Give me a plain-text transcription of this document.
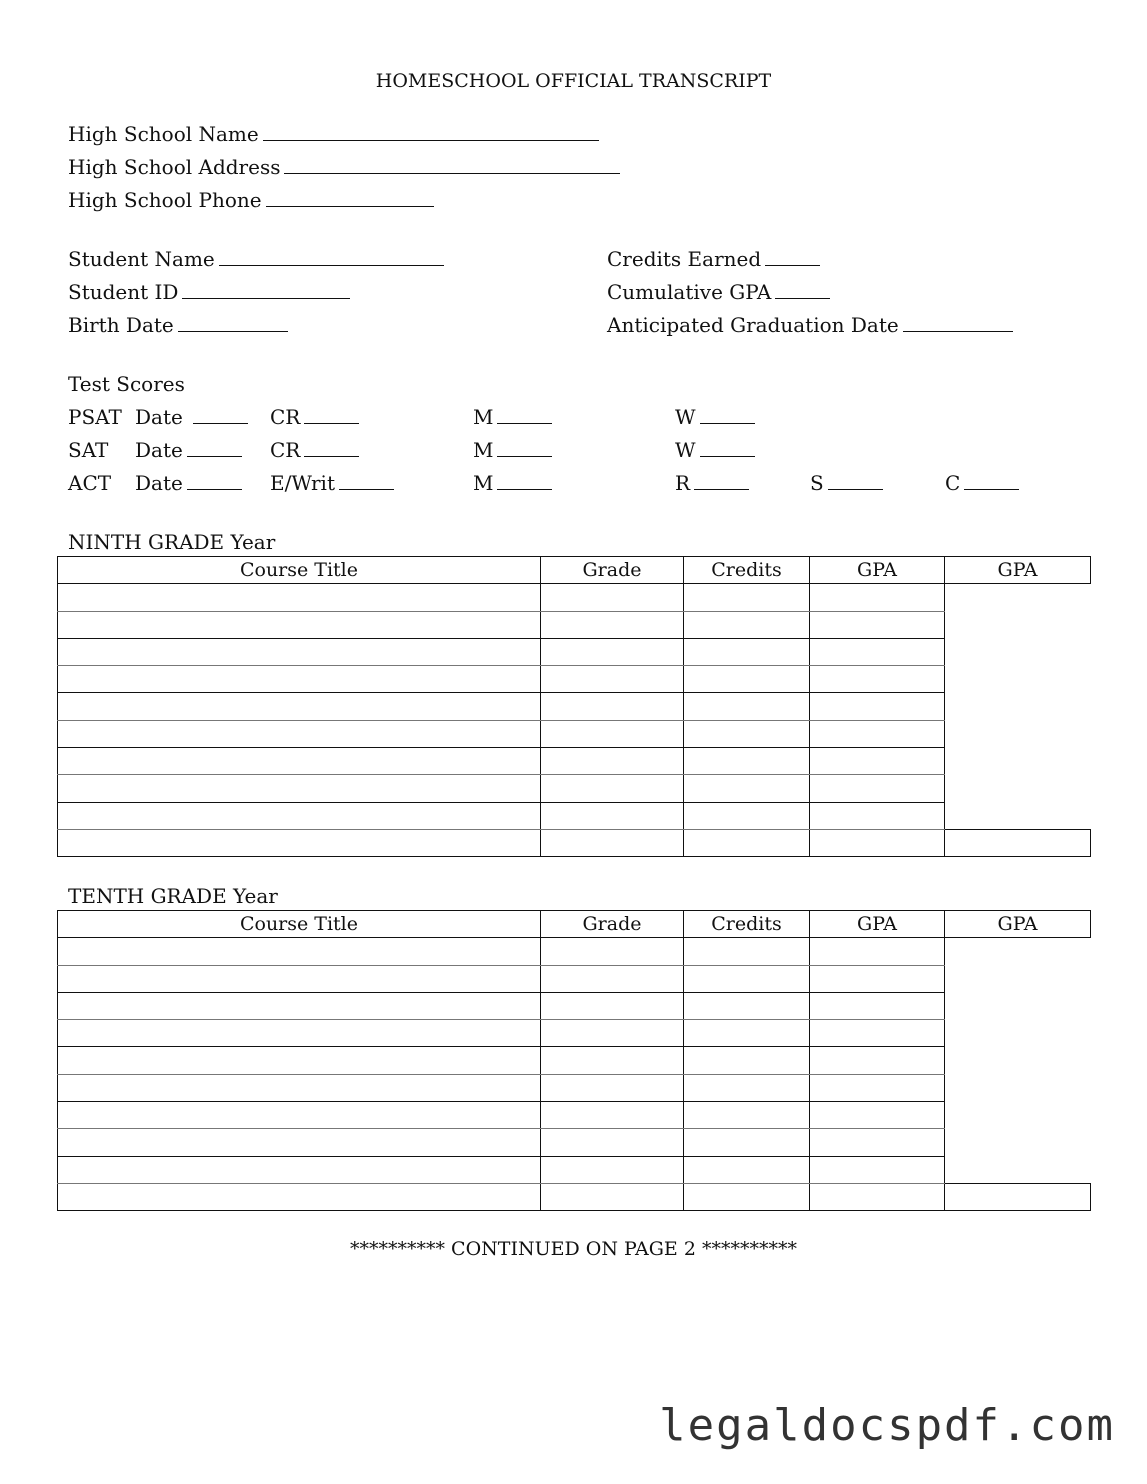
HOMESCHOOL OFFICIAL TRANSCRIPT
High School Name
High School Address
High School Phone
Student Name
Student ID
Birth Date
Credits Earned
Cumulative GPA
Anticipated Graduation Date
Test Scores
PSAT Date	CR	M	W
SAT Date	CR	M	W
ACT Date	E/Writ	M	R	S	C
NINTH GRADE Year
Course Title	Grade	Credits	GPA	GPA

TENTH GRADE Year
Course Title	Grade	Credits	GPA	GPA

********** CONTINUED ON PAGE 2 **********
legaldocspdf.com
